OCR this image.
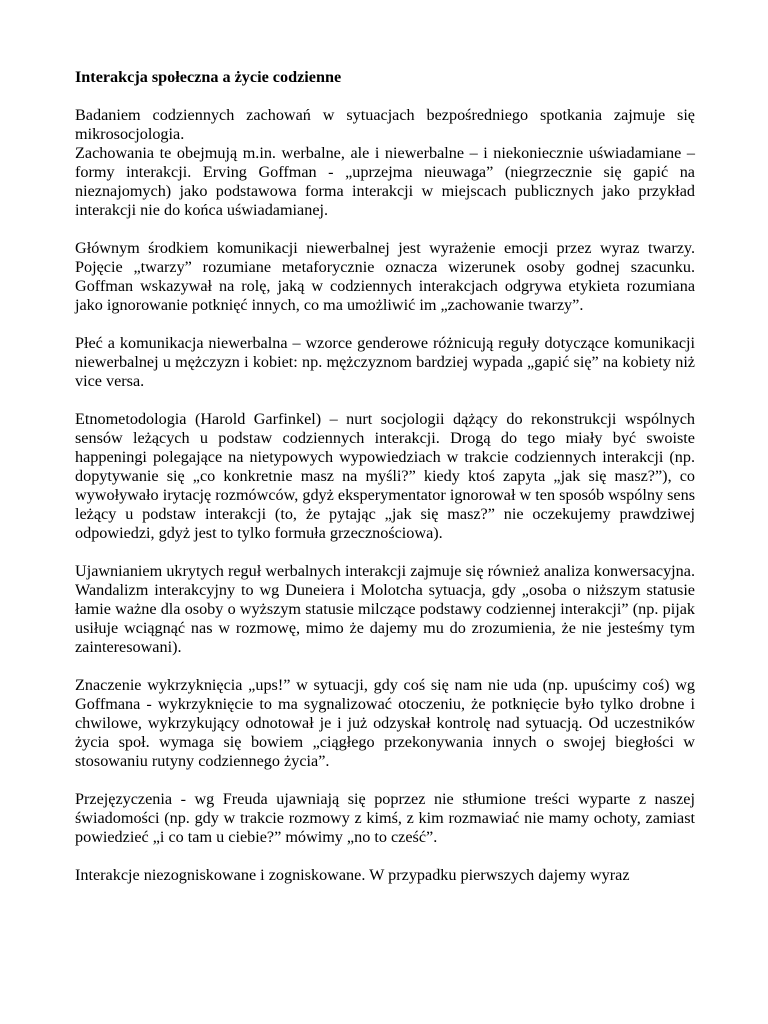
Interakcja społeczna a życie codzienne

Badaniem codziennych zachowań w sytuacjach bezpośredniego spotkania zajmuje się mikrosocjologia.

Zachowania te obejmują m.in. werbalne, ale i niewerbalne – i niekoniecznie uświadamiane – formy interakcji. Erving Goffman - „uprzejma nieuwaga” (niegrzecznie się gapić na nieznajomych) jako podstawowa forma interakcji w miejscach publicznych jako przykład interakcji nie do końca uświadamianej.

Głównym środkiem komunikacji niewerbalnej jest wyrażenie emocji przez wyraz twarzy. Pojęcie „twarzy” rozumiane metaforycznie oznacza wizerunek osoby godnej szacunku. Goffman wskazywał na rolę, jaką w codziennych interakcjach odgrywa etykieta rozumiana jako ignorowanie potknięć innych, co ma umożliwić im „zachowanie twarzy”.

Płeć a komunikacja niewerbalna – wzorce genderowe różnicują reguły dotyczące komunikacji niewerbalnej u mężczyzn i kobiet: np. mężczyznom bardziej wypada „gapić się” na kobiety niż vice versa.

Etnometodologia (Harold Garfinkel) – nurt socjologii dążący do rekonstrukcji wspólnych sensów leżących u podstaw codziennych interakcji. Drogą do tego miały być swoiste happeningi polegające na nietypowych wypowiedziach w trakcie codziennych interakcji (np. dopytywanie się „co konkretnie masz na myśli?” kiedy ktoś zapyta „jak się masz?”), co wywoływało irytację rozmówców, gdyż eksperymentator ignorował w ten sposób wspólny sens leżący u podstaw interakcji (to, że pytając „jak się masz?” nie oczekujemy prawdziwej odpowiedzi, gdyż jest to tylko formuła grzecznościowa).

Ujawnianiem ukrytych reguł werbalnych interakcji zajmuje się również analiza konwersacyjna. Wandalizm interakcyjny to wg Duneiera i Molotcha sytuacja, gdy „osoba o niższym statusie łamie ważne dla osoby o wyższym statusie milczące podstawy codziennej interakcji” (np. pijak usiłuje wciągnąć nas w rozmowę, mimo że dajemy mu do zrozumienia, że nie jesteśmy tym zainteresowani).

Znaczenie wykrzyknięcia „ups!” w sytuacji, gdy coś się nam nie uda (np. upuścimy coś) wg Goffmana - wykrzyknięcie to ma sygnalizować otoczeniu, że potknięcie było tylko drobne i chwilowe, wykrzykujący odnotował je i już odzyskał kontrolę nad sytuacją. Od uczestników życia społ. wymaga się bowiem „ciągłego przekonywania innych o swojej biegłości w stosowaniu rutyny codziennego życia”.

Przejęzyczenia - wg Freuda ujawniają się poprzez nie stłumione treści wyparte z naszej świadomości (np. gdy w trakcie rozmowy z kimś, z kim rozmawiać nie mamy ochoty, zamiast powiedzieć „i co tam u ciebie?” mówimy „no to cześć”.

Interakcje niezogniskowane i zogniskowane. W przypadku pierwszych dajemy wyraz
